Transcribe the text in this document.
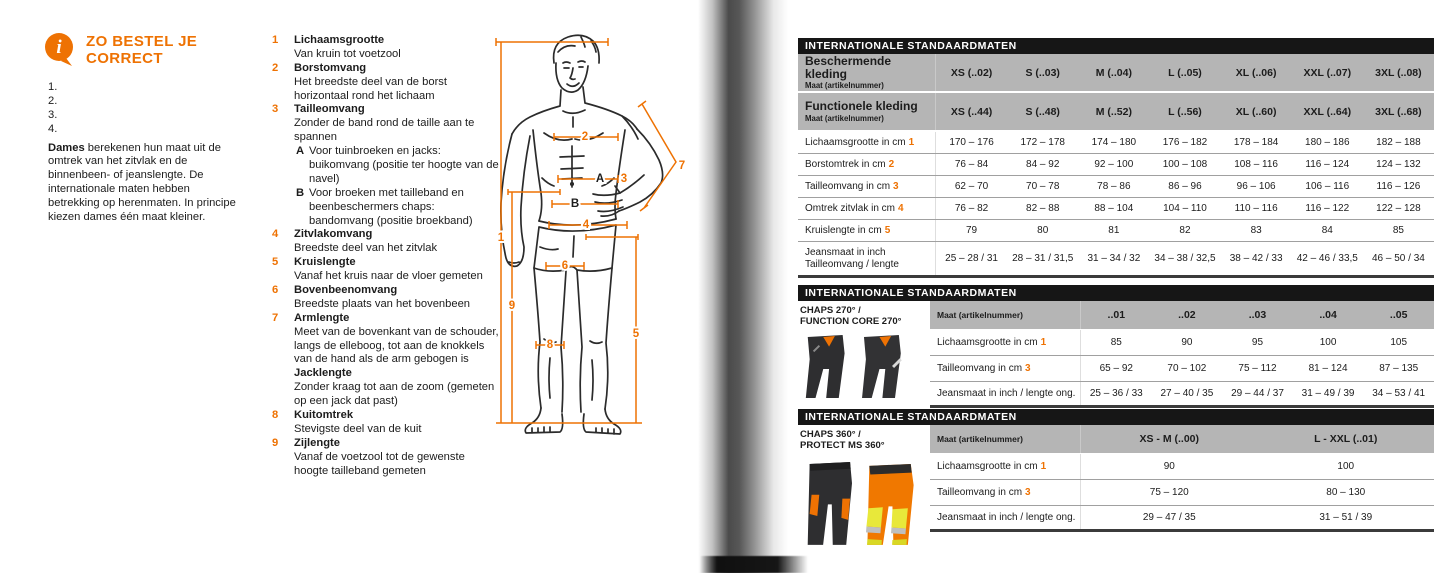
i ZO BESTEL JE CORRECT
1.
2.
3.
4.

Dames berekenen hun maat uit de omtrek van het zitvlak en de binnenbeen- of jeanslengte. De internationale maten hebben betrekking op herenmaten. In principe kiezen dames één maat kleiner.

1	Lichaamsgrootte
Van kruin tot voetzool
2	Borstomvang
Het breedste deel van de borst horizontaal rond het lichaam
3	Tailleomvang
Zonder de band rond de taille aan te spannen
A Voor tuinbroeken en jacks: buikomvang (positie ter hoogte van de navel)
B Voor broeken met tailleband en beenbeschermers chaps: bandomvang (positie broekband)
4	Zitvlakomvang
Breedste deel van het zitvlak
5	Kruislengte
Vanaf het kruis naar de vloer gemeten
6	Bovenbeenomvang
Breedste plaats van het bovenbeen
7	Armlengte
Meet van de bovenkant van de schouder, langs de elleboog, tot aan de knokkels van de hand als de arm gebogen is
Jacklengte
Zonder kraag tot aan de zoom (gemeten op een jack dat past)
8	Kuitomtrek
Stevigste deel van de kuit
9	Zijlengte
Vanaf de voetzool tot de gewenste hoogte tailleband gemeten
1
2
A 3
B
4
5
6
7
8
9
INTERNATIONALE STANDAARDMATEN
Beschermende kleding
Maat (artikelnummer)
XS (..02)	S (..03)	M (..04)	L (..05)	XL (..06)	XXL (..07)	3XL (..08)
Functionele kleding
Maat (artikelnummer)
XS (..44)	S (..48)	M (..52)	L (..56)	XL (..60)	XXL (..64)	3XL (..68)
Lichaamsgrootte in cm 1	170 – 176	172 – 178	174 – 180	176 – 182	178 – 184	180 – 186	182 – 188
Borstomtrek in cm 2	76 – 84	84 – 92	92 – 100	100 – 108	108 – 116	116 – 124	124 – 132
Tailleomvang in cm 3	62 – 70	70 – 78	78 – 86	86 – 96	96 – 106	106 – 116	116 – 126
Omtrek zitvlak in cm 4	76 – 82	82 – 88	88 – 104	104 – 110	110 – 116	116 – 122	122 – 128
Kruislengte in cm 5	79	80	81	82	83	84	85
Jeansmaat in inch
Tailleomvang / lengte	25 – 28 / 31	28 – 31 / 31,5	31 – 34 / 32	34 – 38 / 32,5	38 – 42 / 33	42 – 46 / 33,5	46 – 50 / 34
INTERNATIONALE STANDAARDMATEN
CHAPS 270° /
FUNCTION CORE 270°
Maat (artikelnummer)	..01	..02	..03	..04	..05
Lichaamsgrootte in cm 1	85	90	95	100	105
Tailleomvang in cm 3	65 – 92	70 – 102	75 – 112	81 – 124	87 – 135
Jeansmaat in inch / lengte ong.	25 – 36 / 33	27 – 40 / 35	29 – 44 / 37	31 – 49 / 39	34 – 53 / 41
INTERNATIONALE STANDAARDMATEN
CHAPS 360° /
PROTECT MS 360°
Maat (artikelnummer)	XS - M (..00)	L - XXL (..01)
Lichaamsgrootte in cm 1	90	100
Tailleomvang in cm 3	75 – 120	80 – 130
Jeansmaat in inch / lengte ong.	29 – 47 / 35	31 – 51 / 39
